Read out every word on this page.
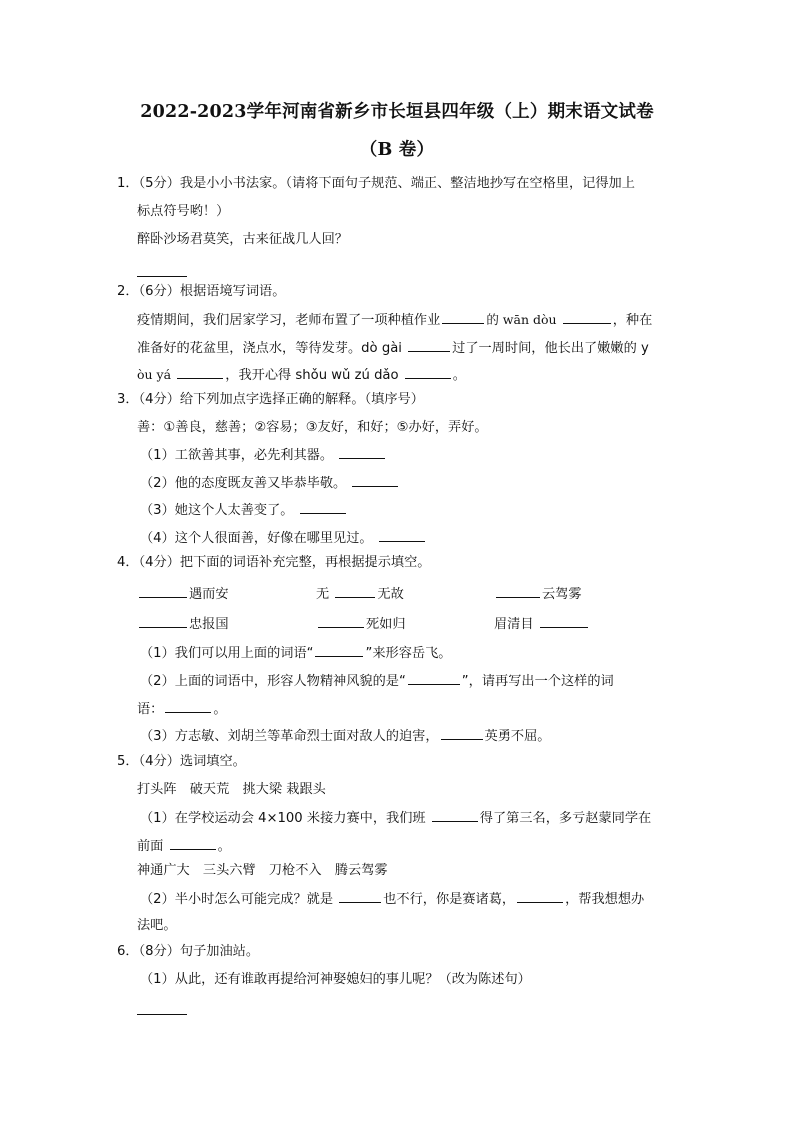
2022-2023学年河南省新乡市长垣县四年级（上）期末语文试卷
（B 卷）
1．（5分）我是小小书法家。（请将下面句子规范、端正、整洁地抄写在空格里，记得加上
标点符号哟！）
醉卧沙场君莫笑，古来征战几人回？
2．（6分）根据语境写词语。
疫情期间，我们居家学习，老师布置了一项种植作业	的 wān dòu	，种在
准备好的花盆里，浇点水，等待发芽。dò gài	过了一周时间，他长出了嫩嫩的 y
òu yá	，我开心得 shǒu wǔ zú dǎo	。
3．（4分）给下列加点字选择正确的解释。（填序号）
善：①善良，慈善；②容易；③友好，和好；⑤办好，弄好。
（1）工欲善其事，必先利其器。
（2）他的态度既友善又毕恭毕敬。
（3）她这个人太善变了。
（4）这个人很面善，好像在哪里见过。
4．（4分）把下面的词语补充完整，再根据提示填空。
遇而安	无	无故	云驾雾
忠报国	死如归	眉清目
（1）我们可以用上面的词语“	”来形容岳飞。
（2）上面的词语中，形容人物精神风貌的是“	”，请再写出一个这样的词
语：	。
（3）方志敏、刘胡兰等革命烈士面对敌人的迫害，	英勇不屈。
5．（4分）选词填空。
打头阵　破天荒　挑大梁 栽跟头
（1）在学校运动会 4×100 米接力赛中，我们班	得了第三名，多亏赵蒙同学在
前面	。
神通广大　三头六臂　刀枪不入　腾云驾雾
（2）半小时怎么可能完成？就是	也不行，你是赛诸葛，	，帮我想想办
法吧。
6．（8分）句子加油站。
（1）从此，还有谁敢再提给河神娶媳妇的事儿呢？（改为陈述句）
